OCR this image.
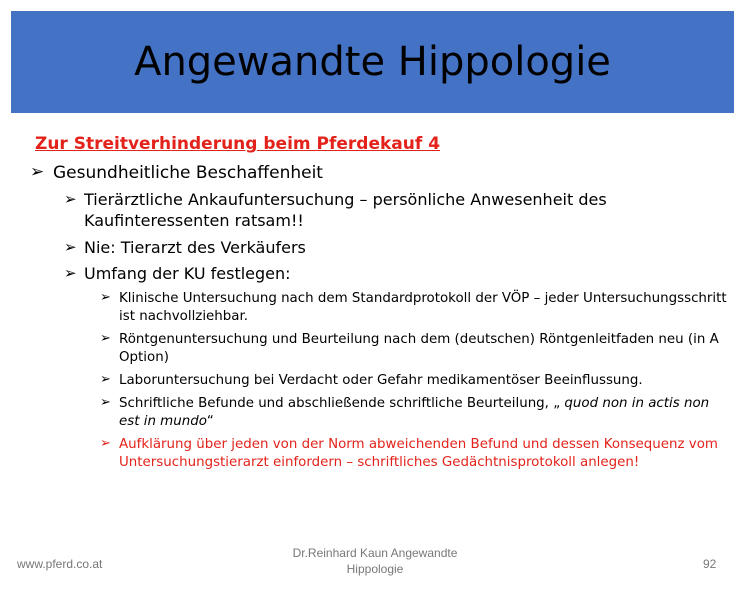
Angewandte Hippologie
Zur Streitverhinderung beim Pferdekauf 4
➢ Gesundheitliche Beschaffenheit
➢ Tierärztliche Ankaufuntersuchung – persönliche Anwesenheit des Kaufinteressenten ratsam!!
➢ Nie: Tierarzt des Verkäufers
➢ Umfang der KU festlegen:
➢ Klinische Untersuchung nach dem Standardprotokoll der VÖP – jeder Untersuchungsschritt ist nachvollziehbar.
➢ Röntgenuntersuchung und Beurteilung nach dem (deutschen) Röntgenleitfaden neu (in A Option)
➢ Laboruntersuchung bei Verdacht oder Gefahr medikamentöser Beeinflussung.
➢ Schriftliche Befunde und abschließende schriftliche Beurteilung, „ quod non in actis non est in mundo“
➢ Aufklärung über jeden von der Norm abweichenden Befund und dessen Konsequenz vom Untersuchungstierarzt einfordern – schriftliches Gedächtnisprotokoll anlegen!
www.pferd.co.at
Dr.Reinhard Kaun Angewandte
Hippologie	92
